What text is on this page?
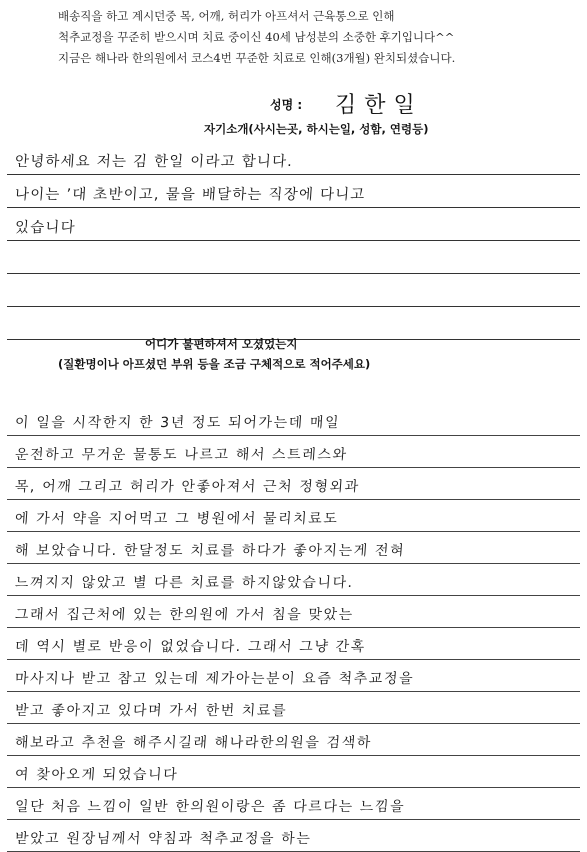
배송직을 하고 계시던중 목, 어깨, 허리가 아프셔서 근육통으로 인해
척추교정을 꾸준히 받으시며 치료 중이신 40세 남성분의 소중한 후기입니다^^
지금은 해나라 한의원에서 코스4번 꾸준한 치료로 인해(3개월) 완치되셨습니다.
성명 : 김한일
자기소개(사시는곳, 하시는일, 성함, 연령등)
안녕하세요 저는 김 한일 이라고 합니다.
나이는 ’대 초반이고, 물을 배달하는 직장에 다니고
있습니다
어디가 불편하셔서 오셨었는지
(질환명이나 아프셨던 부위 등을 조금 구체적으로 적어주세요)
이 일을 시작한지 한 3년 정도 되어가는데 매일
운전하고 무거운 물통도 나르고 해서 스트레스와
목, 어깨 그리고 허리가 안좋아져서 근처 정형외과
에 가서 약을 지어먹고 그 병원에서 물리치료도
해 보았습니다. 한달정도 치료를 하다가 좋아지는게 전혀
느껴지지 않았고 별 다른 치료를 하지않았습니다.
그래서 집근처에 있는 한의원에 가서 침을 맞았는
데 역시 별로 반응이 없었습니다. 그래서 그냥 간혹
마사지나 받고 참고 있는데 제가아는분이 요즘 척추교정을
받고 좋아지고 있다며 가서 한번 치료를
해보라고 추천을 해주시길래 해나라한의원을 검색하
여 찾아오게 되었습니다
일단 처음 느낌이 일반 한의원이랑은 좀 다르다는 느낌을
받았고 원장님께서 약침과 척추교정을 하는
